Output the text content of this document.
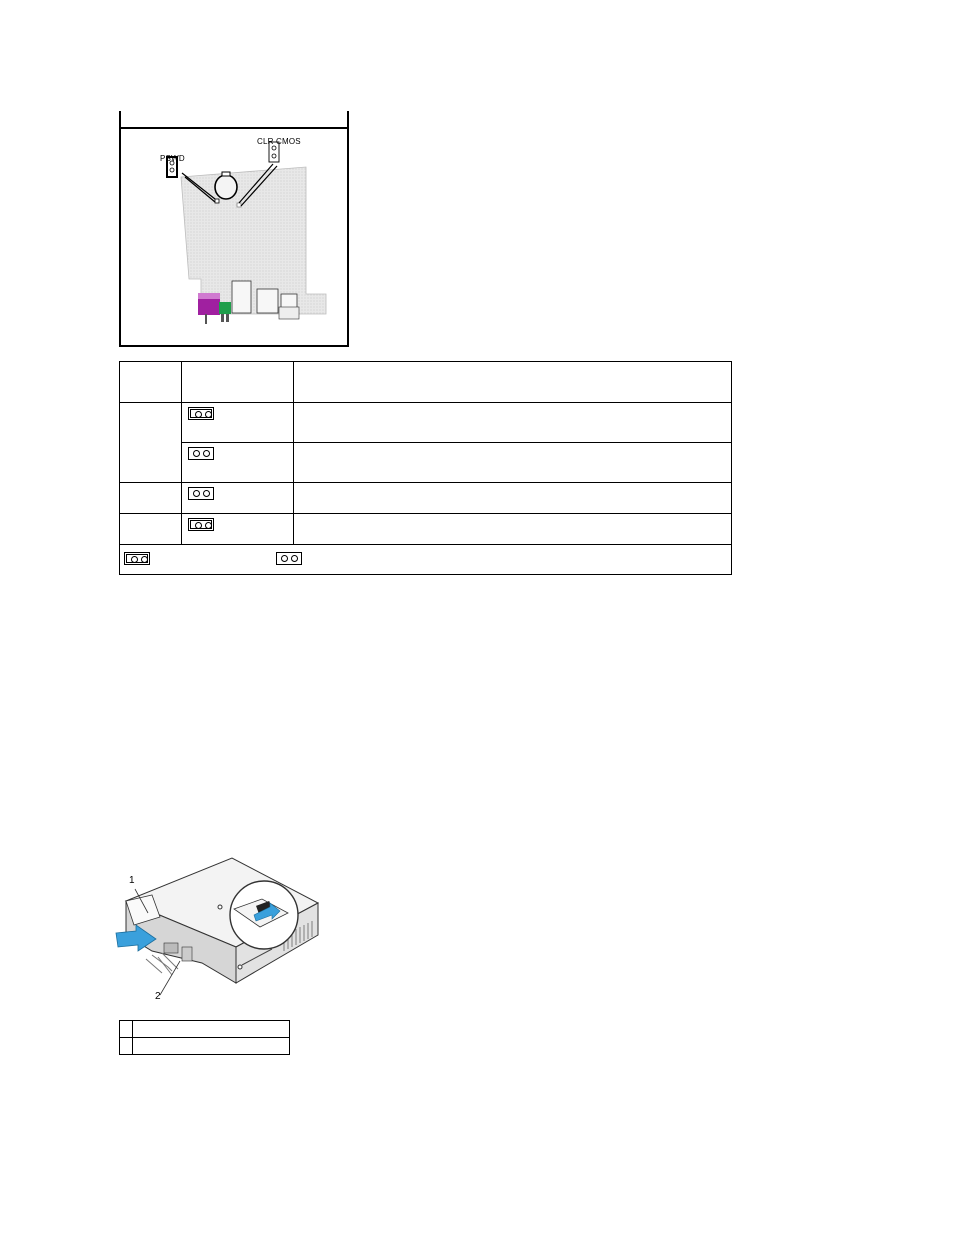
PSWD
CLR CMOS

1
2
